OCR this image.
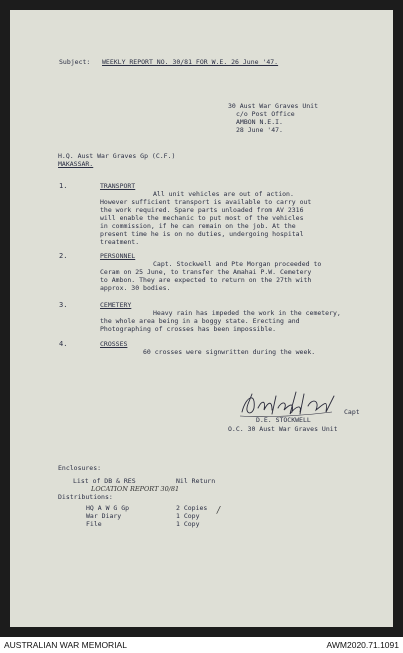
Subject: WEEKLY REPORT NO. 30/81 FOR W.E. 26 June '47.
30 Aust War Graves Unit
c/o Post Office
AMBON N.E.I.
28 June '47.
H.Q. Aust War Graves Gp (C.F.)
MAKASSAR.
1.	TRANSPORT
All unit vehicles are out of action.
However sufficient transport is available to carry out
the work required. Spare parts unloaded from AV 2316
will enable the mechanic to put most of the vehicles
in commission, if he can remain on the job. At the
present time he is on no duties, undergoing hospital
treatment.
2.	PERSONNEL
Capt. Stockwell and Pte Morgan proceeded to
Ceram on 25 June, to transfer the Amahai P.W. Cemetery
to Ambon. They are expected to return on the 27th with
approx. 30 bodies.
3.	CEMETERY
Heavy rain has impeded the work in the cemetery,
the whole area being in a boggy state. Erecting and
Photographing of crosses has been impossible.
4.	CROSSES
60 crosses were signwritten during the week.
Capt
D.E. STOCKWELL
O.C. 30 Aust War Graves Unit
Enclosures:
List of DB & RES	Nil Return
LOCATION REPORT 30/81
Distributions:
HQ A W G Gp	2 Copies /
War Diary	1 Copy
File	1 Copy
AUSTRALIAN WAR MEMORIAL	AWM2020.71.1091
